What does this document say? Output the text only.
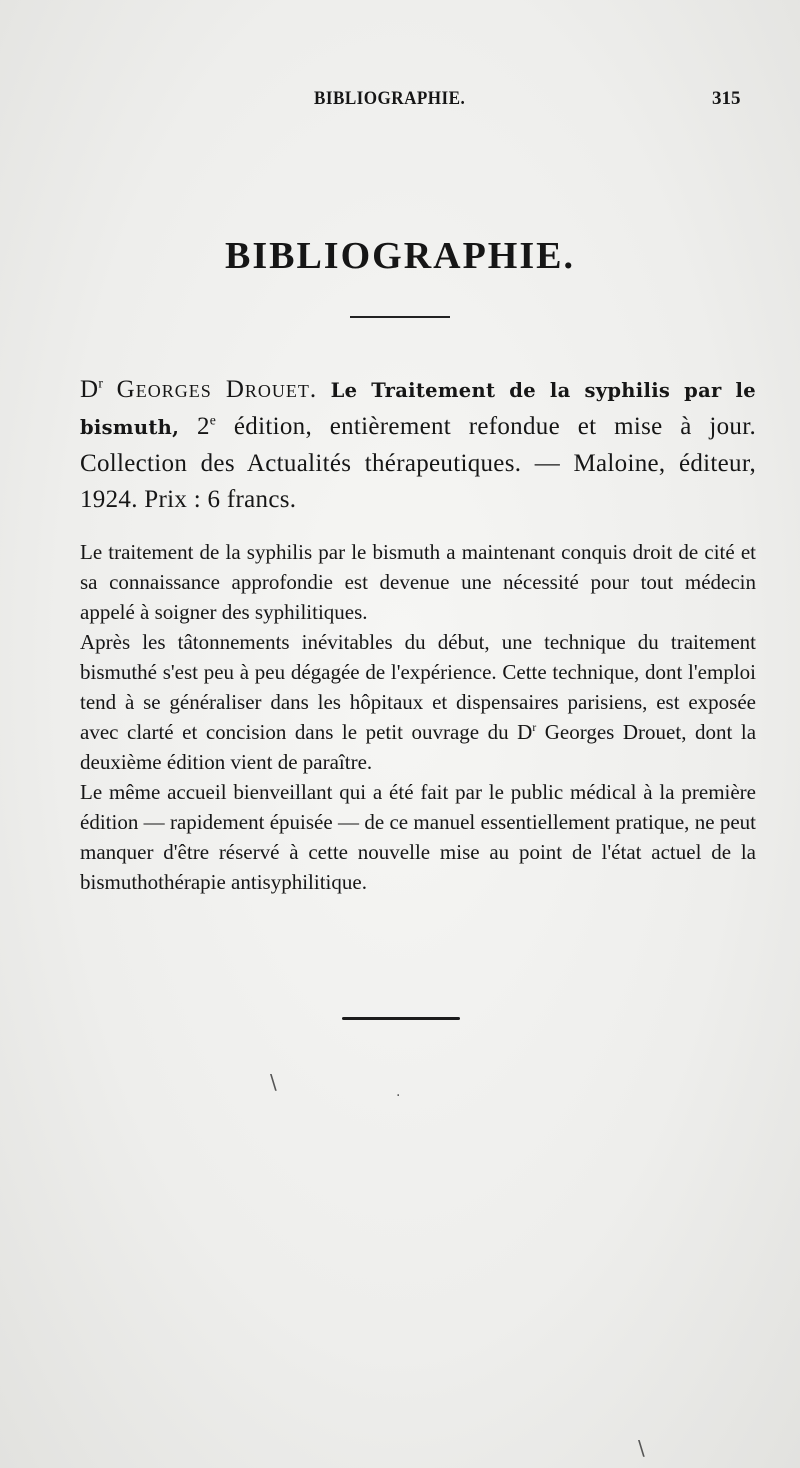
BIBLIOGRAPHIE.	315
BIBLIOGRAPHIE.
$D^r$ Georges Drouet. Le Traitement de la syphilis par le bismuth, 2e édition, entièrement refondue et mise à jour. Collection des Actualités thérapeutiques. — Maloine, éditeur, 1924. Prix : 6 francs.

Le traitement de la syphilis par le bismuth a maintenant conquis droit de cité et sa connaissance approfondie est devenue une nécessité pour tout médecin appelé à soigner des syphilitiques.

Après les tâtonnements inévitables du début, une technique du traitement bismuthé s'est peu à peu dégagée de l'expérience. Cette technique, dont l'emploi tend à se généraliser dans les hôpitaux et dispensaires parisiens, est exposée avec clarté et concision dans le petit ouvrage du $D^r$ Georges Drouet, dont la deuxième édition vient de paraître.

Le même accueil bienveillant qui a été fait par le public médical à la première édition — rapidement épuisée — de ce manuel essentiellement pratique, ne peut manquer d'être réservé à cette nouvelle mise au point de l'état actuel de la bismuthothérapie antisyphilitique.

\
·
\
